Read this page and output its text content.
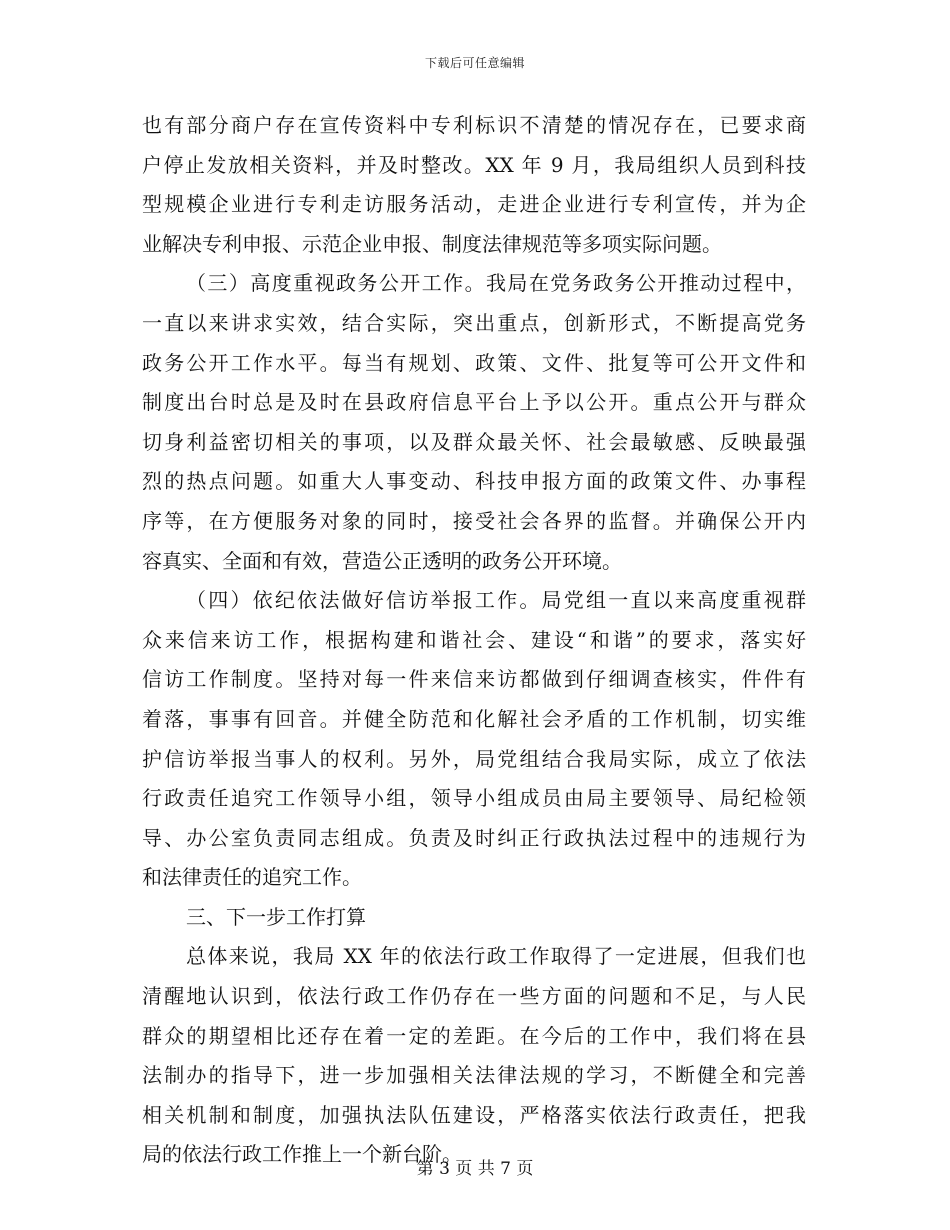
下载后可任意编辑
也有部分商户存在宣传资料中专利标识不清楚的情况存在，已要求商
户停止发放相关资料，并及时整改。XX 年 9 月，我局组织人员到科技
型规模企业进行专利走访服务活动，走进企业进行专利宣传，并为企
业解决专利申报、示范企业申报、制度法律规范等多项实际问题。
（三）高度重视政务公开工作。我局在党务政务公开推动过程中，
一直以来讲求实效，结合实际，突出重点，创新形式，不断提高党务
政务公开工作水平。每当有规划、政策、文件、批复等可公开文件和
制度出台时总是及时在县政府信息平台上予以公开。重点公开与群众
切身利益密切相关的事项，以及群众最关怀、社会最敏感、反映最强
烈的热点问题。如重大人事变动、科技申报方面的政策文件、办事程
序等，在方便服务对象的同时，接受社会各界的监督。并确保公开内
容真实、全面和有效，营造公正透明的政务公开环境。
（四）依纪依法做好信访举报工作。局党组一直以来高度重视群
众来信来访工作，根据构建和谐社会、建设“和谐”的要求，落实好
信访工作制度。坚持对每一件来信来访都做到仔细调查核实，件件有
着落，事事有回音。并健全防范和化解社会矛盾的工作机制，切实维
护信访举报当事人的权利。另外，局党组结合我局实际，成立了依法
行政责任追究工作领导小组，领导小组成员由局主要领导、局纪检领
导、办公室负责同志组成。负责及时纠正行政执法过程中的违规行为
和法律责任的追究工作。
三、下一步工作打算
总体来说，我局 XX 年的依法行政工作取得了一定进展，但我们也
清醒地认识到，依法行政工作仍存在一些方面的问题和不足，与人民
群众的期望相比还存在着一定的差距。在今后的工作中，我们将在县
法制办的指导下，进一步加强相关法律法规的学习，不断健全和完善
相关机制和制度，加强执法队伍建设，严格落实依法行政责任，把我
局的依法行政工作推上一个新台阶。
第 3 页 共 7 页
